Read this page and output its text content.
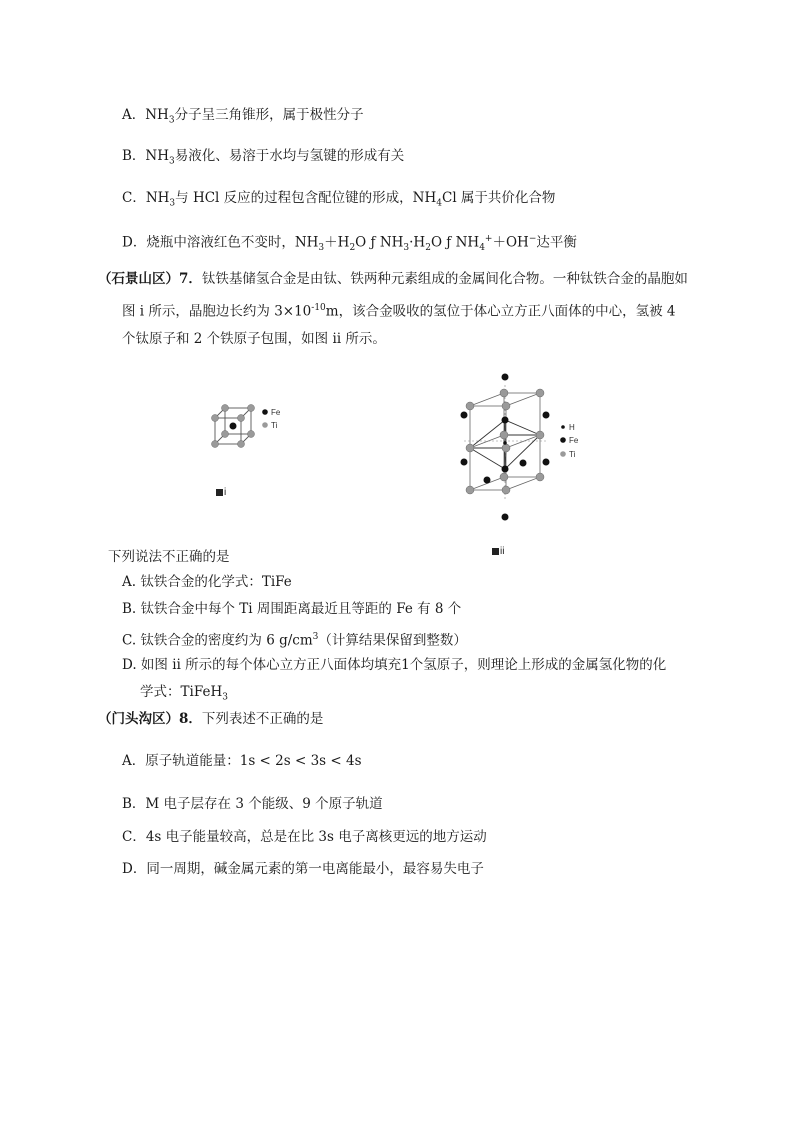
A．$NH_3$分子呈三角锥形，属于极性分子
B．$NH_3$易液化、易溶于水均与氢键的形成有关
C．$NH_3$与 HCl 反应的过程包含配位键的形成，$NH_4Cl$ 属于共价化合物
D．烧瓶中溶液红色不变时，$NH_3+H_2O$ ƒ $NH_3\cdot H_2O$ ƒ $NH_4^++OH^-$达平衡
（石景山区）7．钛铁基储氢合金是由钛、铁两种元素组成的金属间化合物。一种钛铁合金的晶胞如
图 ⅰ 所示，晶胞边长约为 $3\times 10^{-10}m$，该合金吸收的氢位于体心立方正八面体的中心，氢被 4
个钛原子和 2 个铁原子包围，如图 ⅱ 所示。
Fe
Ti
i
H
Fe
Ti
ii
下列说法不正确的是
A. 钛铁合金的化学式：TiFe
B. 钛铁合金中每个 Ti 周围距离最近且等距的 Fe 有 8 个
C. 钛铁合金的密度约为 6 $g/cm^3$（计算结果保留到整数）
D. 如图 ⅱ 所示的每个体心立方正八面体均填充1个氢原子，则理论上形成的金属氢化物的化
学式：TiFeH$_3$
（门头沟区）8．下列表述不正确的是
A．原子轨道能量：1s < 2s < 3s < 4s
B．M 电子层存在 3 个能级、9 个原子轨道
C．4s 电子能量较高，总是在比 3s 电子离核更远的地方运动
D．同一周期，碱金属元素的第一电离能最小，最容易失电子
